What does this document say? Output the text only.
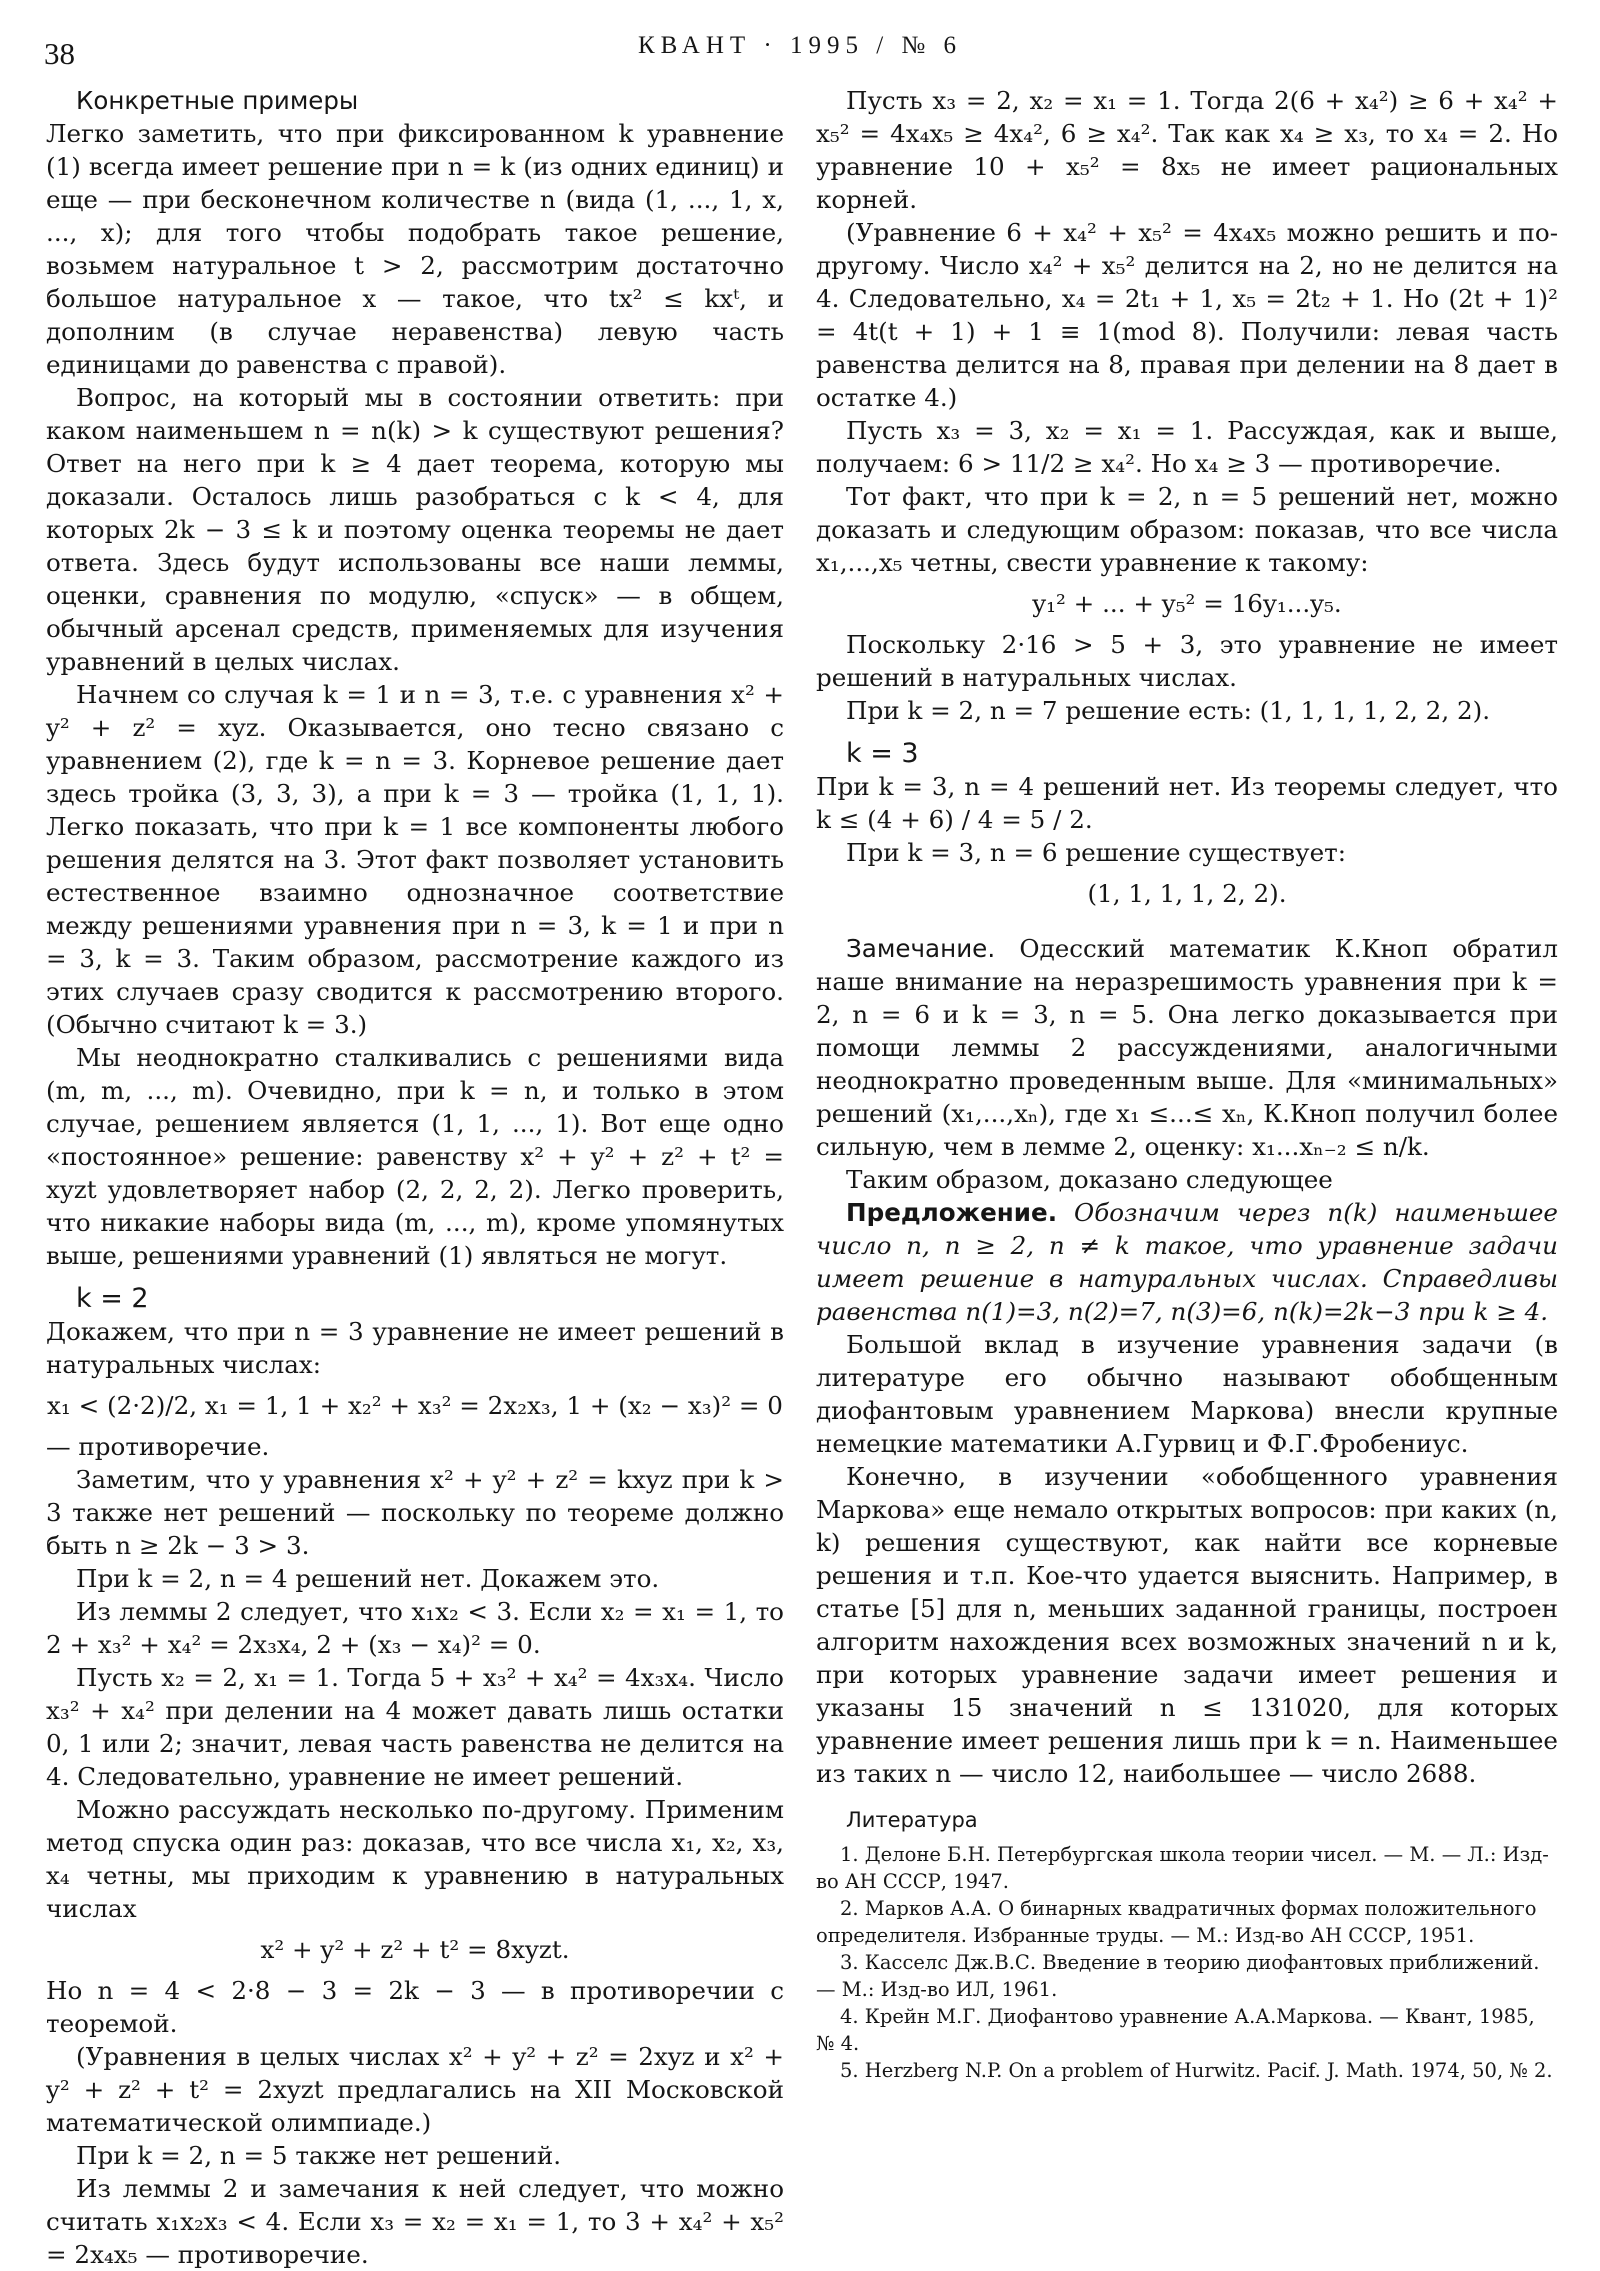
38	КВАНТ · 1995 / № 6

Конкретные примеры

Легко заметить, что при фиксированном k уравнение (1) всегда имеет решение при n = k (из одних единиц) и еще — при бесконечном количестве n (вида (1, ..., 1, x, ..., x); для того чтобы подобрать такое решение, возьмем натуральное t > 2, рассмотрим достаточно большое натуральное x — такое, что tx² ≤ kxᵗ, и дополним (в случае неравенства) левую часть единицами до равенства с правой).

Вопрос, на который мы в состоянии ответить: при каком наименьшем n = n(k) > k существуют решения? Ответ на него при k ≥ 4 дает теорема, которую мы доказали. Осталось лишь разобраться с k < 4, для которых 2k − 3 ≤ k и поэтому оценка теоремы не дает ответа. Здесь будут использованы все наши леммы, оценки, сравнения по модулю, «спуск» — в общем, обычный арсенал средств, применяемых для изучения уравнений в целых числах.

Начнем со случая k = 1 и n = 3, т.е. с уравнения x² + y² + z² = xyz. Оказывается, оно тесно связано с уравнением (2), где k = n = 3. Корневое решение дает здесь тройка (3, 3, 3), а при k = 3 — тройка (1, 1, 1). Легко показать, что при k = 1 все компоненты любого решения делятся на 3. Этот факт позволяет установить естественное взаимно однозначное соответствие между решениями уравнения при n = 3, k = 1 и при n = 3, k = 3. Таким образом, рассмотрение каждого из этих случаев сразу сводится к рассмотрению второго. (Обычно считают k = 3.)

Мы неоднократно сталкивались с решениями вида (m, m, ..., m). Очевидно, при k = n, и только в этом случае, решением является (1, 1, ..., 1). Вот еще одно «постоянное» решение: равенству x² + y² + z² + t² = xyzt удовлетворяет набор (2, 2, 2, 2). Легко проверить, что никакие наборы вида (m, ..., m), кроме упомянутых выше, решениями уравнений (1) являться не могут.

k = 2

Докажем, что при n = 3 уравнение не имеет решений в натуральных числах:

x₁ < (2·2)/2, x₁ = 1, 1 + x₂² + x₃² = 2x₂x₃, 1 + (x₂ − x₃)² = 0

— противоречие.

Заметим, что у уравнения x² + y² + z² = kxyz при k > 3 также нет решений — поскольку по теореме должно быть n ≥ 2k − 3 > 3.

При k = 2, n = 4 решений нет. Докажем это.

Из леммы 2 следует, что x₁x₂ < 3. Если x₂ = x₁ = 1, то 2 + x₃² + x₄² = 2x₃x₄, 2 + (x₃ − x₄)² = 0.

Пусть x₂ = 2, x₁ = 1. Тогда 5 + x₃² + x₄² = 4x₃x₄. Число x₃² + x₄² при делении на 4 может давать лишь остатки 0, 1 или 2; значит, левая часть равенства не делится на 4. Следовательно, уравнение не имеет решений.

Можно рассуждать несколько по-другому. Применим метод спуска один раз: доказав, что все числа x₁, x₂, x₃, x₄ четны, мы приходим к уравнению в натуральных числах

x² + y² + z² + t² = 8xyzt.

Но n = 4 < 2·8 − 3 = 2k − 3 — в противоречии с теоремой.

(Уравнения в целых числах x² + y² + z² = 2xyz и x² + y² + z² + t² = 2xyzt предлагались на XII Московской математической олимпиаде.)

При k = 2, n = 5 также нет решений.

Из леммы 2 и замечания к ней следует, что можно считать x₁x₂x₃ < 4. Если x₃ = x₂ = x₁ = 1, то 3 + x₄² + x₅² = 2x₄x₅ — противоречие.

Пусть x₃ = 2, x₂ = x₁ = 1. Тогда 2(6 + x₄²) ≥ 6 + x₄² + x₅² = 4x₄x₅ ≥ 4x₄², 6 ≥ x₄². Так как x₄ ≥ x₃, то x₄ = 2. Но уравнение 10 + x₅² = 8x₅ не имеет рациональных корней.

(Уравнение 6 + x₄² + x₅² = 4x₄x₅ можно решить и по-другому. Число x₄² + x₅² делится на 2, но не делится на 4. Следовательно, x₄ = 2t₁ + 1, x₅ = 2t₂ + 1. Но (2t + 1)² = 4t(t + 1) + 1 ≡ 1(mod 8). Получили: левая часть равенства делится на 8, правая при делении на 8 дает в остатке 4.)

Пусть x₃ = 3, x₂ = x₁ = 1. Рассуждая, как и выше, получаем: 6 > 11/2 ≥ x₄². Но x₄ ≥ 3 — противоречие.

Тот факт, что при k = 2, n = 5 решений нет, можно доказать и следующим образом: показав, что все числа x₁,...,x₅ четны, свести уравнение к такому:

y₁² + ... + y₅² = 16y₁...y₅.

Поскольку 2·16 > 5 + 3, это уравнение не имеет решений в натуральных числах.

При k = 2, n = 7 решение есть: (1, 1, 1, 1, 2, 2, 2).

k = 3

При k = 3, n = 4 решений нет. Из теоремы следует, что k ≤ (4 + 6) / 4 = 5 / 2.

При k = 3, n = 6 решение существует:

(1, 1, 1, 1, 2, 2).

Замечание. Одесский математик К.Кноп обратил наше внимание на неразрешимость уравнения при k = 2, n = 6 и k = 3, n = 5. Она легко доказывается при помощи леммы 2 рассуждениями, аналогичными неоднократно проведенным выше. Для «минимальных» решений (x₁,...,xₙ), где x₁ ≤...≤ xₙ, К.Кноп получил более сильную, чем в лемме 2, оценку: x₁...xₙ₋₂ ≤ n/k.

Таким образом, доказано следующее

Предложение. Обозначим через n(k) наименьшее число n, n ≥ 2, n ≠ k такое, что уравнение задачи имеет решение в натуральных числах. Справедливы равенства n(1)=3, n(2)=7, n(3)=6, n(k)=2k−3 при k ≥ 4.

Большой вклад в изучение уравнения задачи (в литературе его обычно называют обобщенным диофантовым уравнением Маркова) внесли крупные немецкие математики А.Гурвиц и Ф.Г.Фробениус.

Конечно, в изучении «обобщенного уравнения Маркова» еще немало открытых вопросов: при каких (n, k) решения существуют, как найти все корневые решения и т.п. Кое-что удается выяснить. Например, в статье [5] для n, меньших заданной границы, построен алгоритм нахождения всех возможных значений n и k, при которых уравнение задачи имеет решения и указаны 15 значений n ≤ 131020, для которых уравнение имеет решения лишь при k = n. Наименьшее из таких n — число 12, наибольшее — число 2688.

Литература

1. Делоне Б.Н. Петербургская школа теории чисел. — М. — Л.: Изд-во АН СССР, 1947.

2. Марков А.А. О бинарных квадратичных формах положительного определителя. Избранные труды. — М.: Изд-во АН СССР, 1951.

3. Касселс Дж.В.С. Введение в теорию диофантовых приближений. — М.: Изд-во ИЛ, 1961.

4. Крейн М.Г. Диофантово уравнение А.А.Маркова. — Квант, 1985, № 4.

5. Herzberg N.P. On a problem of Hurwitz. Pacif. J. Math. 1974, 50, № 2.
